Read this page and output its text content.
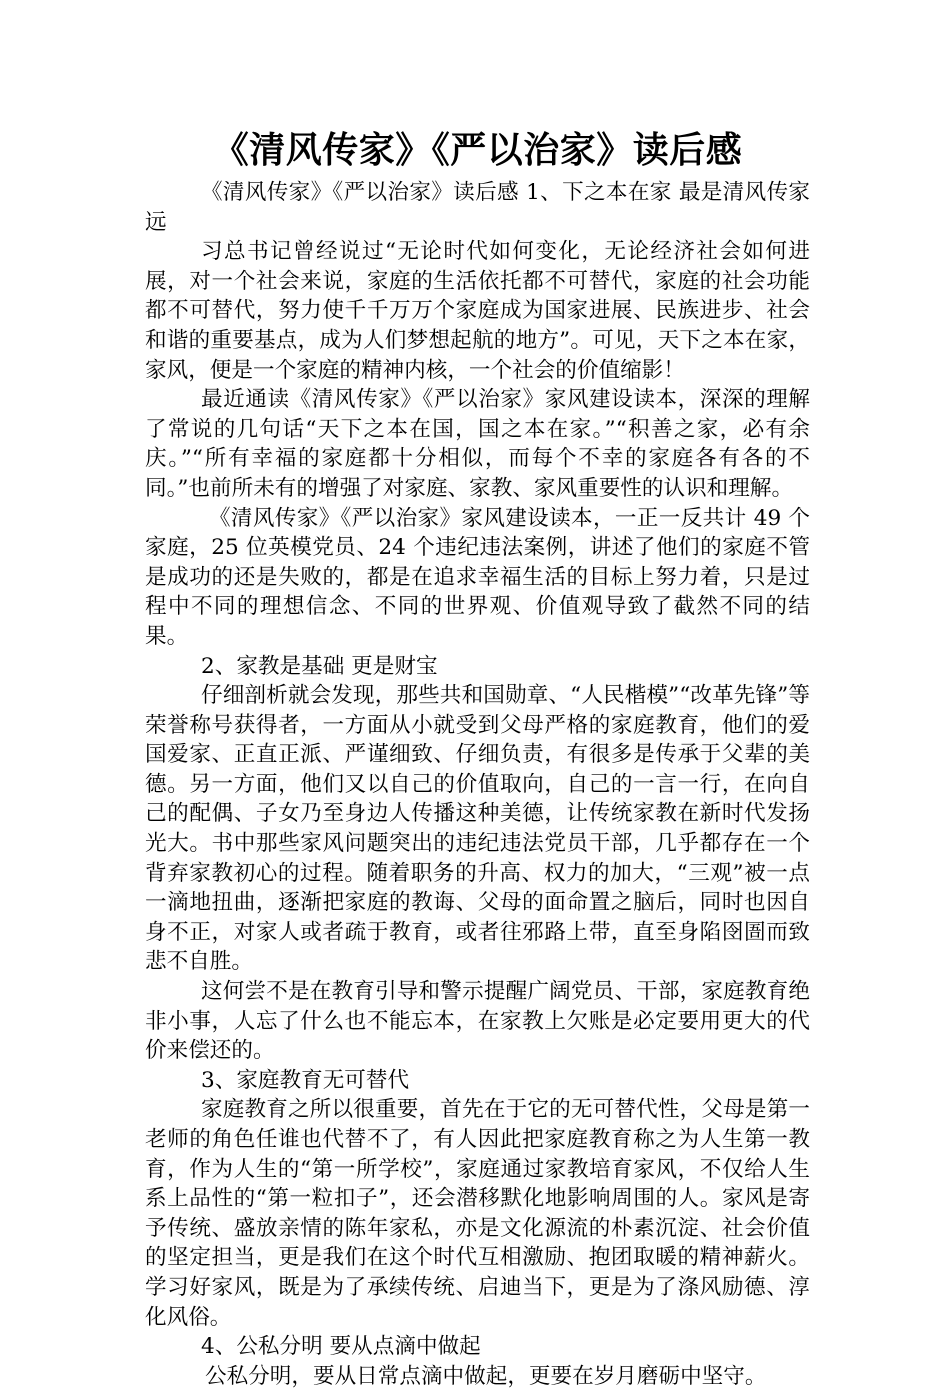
《清风传家》《严以治家》读后感

《清风传家》《严以治家》读后感 1、下之本在家 最是清风传家远

习总书记曾经说过“无论时代如何变化，无论经济社会如何进展，对一个社会来说，家庭的生活依托都不可替代，家庭的社会功能都不可替代，努力使千千万万个家庭成为国家进展、民族进步、社会和谐的重要基点，成为人们梦想起航的地方”。可见，天下之本在家，家风，便是一个家庭的精神内核，一个社会的价值缩影！

最近通读《清风传家》《严以治家》家风建设读本，深深的理解了常说的几句话“天下之本在国，国之本在家。”“积善之家，必有余庆。”“所有幸福的家庭都十分相似，而每个不幸的家庭各有各的不同。”也前所未有的增强了对家庭、家教、家风重要性的认识和理解。

《清风传家》《严以治家》家风建设读本，一正一反共计 49 个家庭，25 位英模党员、24 个违纪违法案例，讲述了他们的家庭不管是成功的还是失败的，都是在追求幸福生活的目标上努力着，只是过程中不同的理想信念、不同的世界观、价值观导致了截然不同的结果。

2、家教是基础 更是财宝

仔细剖析就会发现，那些共和国勋章、“人民楷模”“改革先锋”等荣誉称号获得者，一方面从小就受到父母严格的家庭教育，他们的爱国爱家、正直正派、严谨细致、仔细负责，有很多是传承于父辈的美德。另一方面，他们又以自己的价值取向，自己的一言一行，在向自己的配偶、子女乃至身边人传播这种美德，让传统家教在新时代发扬光大。书中那些家风问题突出的违纪违法党员干部，几乎都存在一个背弃家教初心的过程。随着职务的升高、权力的加大，“三观”被一点一滴地扭曲，逐渐把家庭的教诲、父母的面命置之脑后，同时也因自身不正，对家人或者疏于教育，或者往邪路上带，直至身陷囹圄而致悲不自胜。

这何尝不是在教育引导和警示提醒广阔党员、干部，家庭教育绝非小事，人忘了什么也不能忘本，在家教上欠账是必定要用更大的代价来偿还的。

3、家庭教育无可替代

家庭教育之所以很重要，首先在于它的无可替代性，父母是第一老师的角色任谁也代替不了，有人因此把家庭教育称之为人生第一教育，作为人生的“第一所学校”，家庭通过家教培育家风，不仅给人生系上品性的“第一粒扣子”，还会潜移默化地影响周围的人。家风是寄予传统、盛放亲情的陈年家私，亦是文化源流的朴素沉淀、社会价值的坚定担当，更是我们在这个时代互相激励、抱团取暖的精神薪火。学习好家风，既是为了承续传统、启迪当下，更是为了涤风励德、淳化风俗。

4、公私分明 要从点滴中做起

公私分明，要从日常点滴中做起，更要在岁月磨砺中坚守。
